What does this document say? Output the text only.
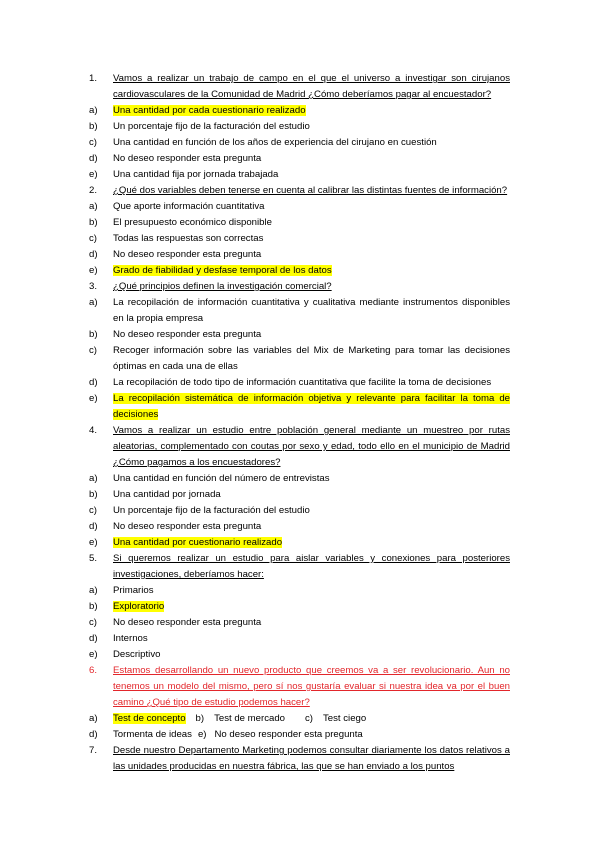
1.	Vamos a realizar un trabajo de campo en el que el universo a investigar son cirujanos cardiovasculares de la Comunidad de Madrid ¿Cómo deberíamos pagar al encuestador?
a)	Una cantidad por cada cuestionario realizado
b)	Un porcentaje fijo de la facturación del estudio
c)	Una cantidad en función de los años de experiencia del cirujano en cuestión
d)	No deseo responder esta pregunta
e)	Una cantidad fija por jornada trabajada
2.	¿Qué dos variables deben tenerse en cuenta al calibrar las distintas fuentes de información?
a)	Que aporte información cuantitativa
b)	El presupuesto económico disponible
c)	Todas las respuestas son correctas
d)	No deseo responder esta pregunta
e)	Grado de fiabilidad y desfase temporal de los datos
3.	¿Qué principios definen la investigación comercial?
a)	La recopilación de información cuantitativa y cualitativa mediante instrumentos disponibles en la propia empresa
b)	No deseo responder esta pregunta
c)	Recoger información sobre las variables del Mix de Marketing para tomar las decisiones óptimas en cada una de ellas
d)	La recopilación de todo tipo de información cuantitativa que facilite la toma de decisiones
e)	La recopilación sistemática de información objetiva y relevante para facilitar la toma de decisiones
4.	Vamos a realizar un estudio entre población general mediante un muestreo por rutas aleatorias, complementado con coutas por sexo y edad, todo ello en el municipio de Madrid ¿Cómo pagamos a los encuestadores?
a)	Una cantidad en función del número de entrevistas
b)	Una cantidad por jornada
c)	Un porcentaje fijo de la facturación del estudio
d)	No deseo responder esta pregunta
e)	Una cantidad por cuestionario realizado
5.	Si queremos realizar un estudio para aislar variables y conexiones para posteriores investigaciones, deberíamos hacer:
a)	Primarios
b)	Exploratorio
c)	No deseo responder esta pregunta
d)	Internos
e)	Descriptivo
6.	Estamos desarrollando un nuevo producto que creemos va a ser revolucionario. Aun no tenemos un modelo del mismo, pero sí nos gustaría evaluar si nuestra idea va por el buen camino ¿Qué tipo de estudio podemos hacer?
a)	Test de concepto b) Test de mercado c) Test ciego
d)	Tormenta de ideas e) No deseo responder esta pregunta
7.	Desde nuestro Departamento Marketing podemos consultar diariamente los datos relativos a las unidades producidas en nuestra fábrica, las que se han enviado a los puntos
